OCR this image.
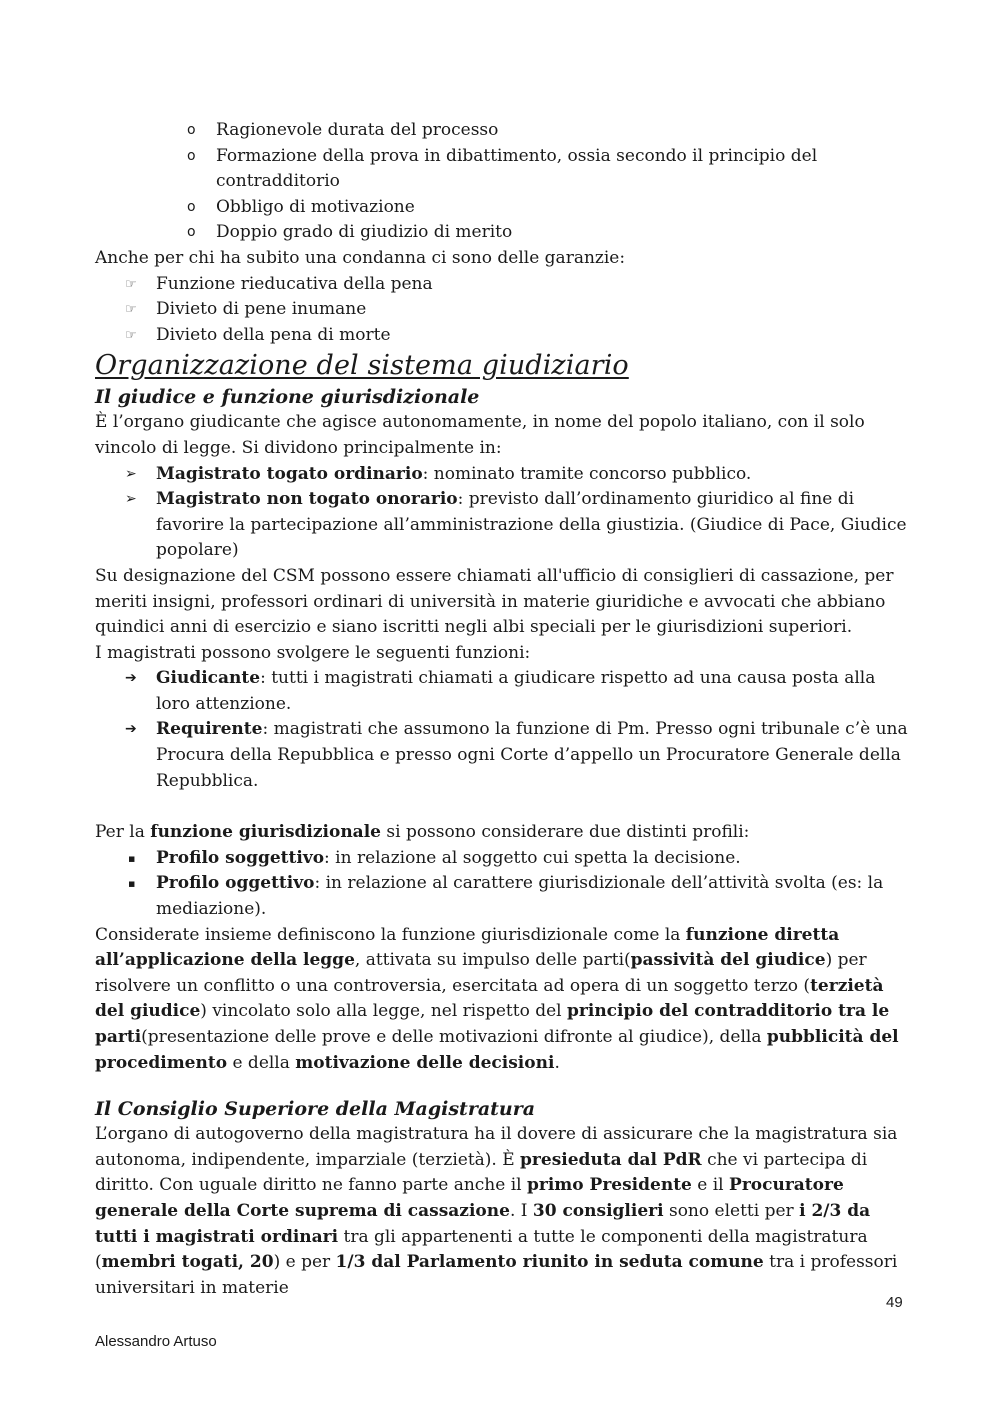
o Ragionevole durata del processo
o Formazione della prova in dibattimento, ossia secondo il principio del contradditorio
o Obbligo di motivazione
o Doppio grado di giudizio di merito

Anche per chi ha subito una condanna ci sono delle garanzie:

☞ Funzione rieducativa della pena
☞ Divieto di pene inumane
☞ Divieto della pena di morte
Organizzazione del sistema giudiziario
Il giudice e funzione giurisdizionale

È l’organo giudicante che agisce autonomamente, in nome del popolo italiano, con il solo vincolo di legge. Si dividono principalmente in:

➢ Magistrato togato ordinario: nominato tramite concorso pubblico.
➢ Magistrato non togato onorario: previsto dall’ordinamento giuridico al fine di favorire la partecipazione all’amministrazione della giustizia. (Giudice di Pace, Giudice popolare)

Su designazione del CSM possono essere chiamati all'ufficio di consiglieri di cassazione, per meriti insigni, professori ordinari di università in materie giuridiche e avvocati che abbiano quindici anni di esercizio e siano iscritti negli albi speciali per le giurisdizioni superiori.

I magistrati possono svolgere le seguenti funzioni:

➔ Giudicante: tutti i magistrati chiamati a giudicare rispetto ad una causa posta alla loro attenzione.
➔ Requirente: magistrati che assumono la funzione di Pm. Presso ogni tribunale c’è una Procura della Repubblica e presso ogni Corte d’appello un Procuratore Generale della Repubblica.

Per la funzione giurisdizionale si possono considerare due distinti profili:

▪ Profilo soggettivo: in relazione al soggetto cui spetta la decisione.
▪ Profilo oggettivo: in relazione al carattere giurisdizionale dell’attività svolta (es: la mediazione).

Considerate insieme definiscono la funzione giurisdizionale come la funzione diretta all’applicazione della legge, attivata su impulso delle parti(passività del giudice) per risolvere un conflitto o una controversia, esercitata ad opera di un soggetto terzo (terzietà del giudice) vincolato solo alla legge, nel rispetto del principio del contradditorio tra le parti(presentazione delle prove e delle motivazioni difronte al giudice), della pubblicità del procedimento e della motivazione delle decisioni.

Il Consiglio Superiore della Magistratura

L’organo di autogoverno della magistratura ha il dovere di assicurare che la magistratura sia autonoma, indipendente, imparziale (terzietà). È presieduta dal PdR che vi partecipa di diritto. Con uguale diritto ne fanno parte anche il primo Presidente e il Procuratore generale della Corte suprema di cassazione. I 30 consiglieri sono eletti per i 2/3 da tutti i magistrati ordinari tra gli appartenenti a tutte le componenti della magistratura (membri togati, 20) e per 1/3 dal Parlamento riunito in seduta comune tra i professori universitari in materie

49
Alessandro Artuso
